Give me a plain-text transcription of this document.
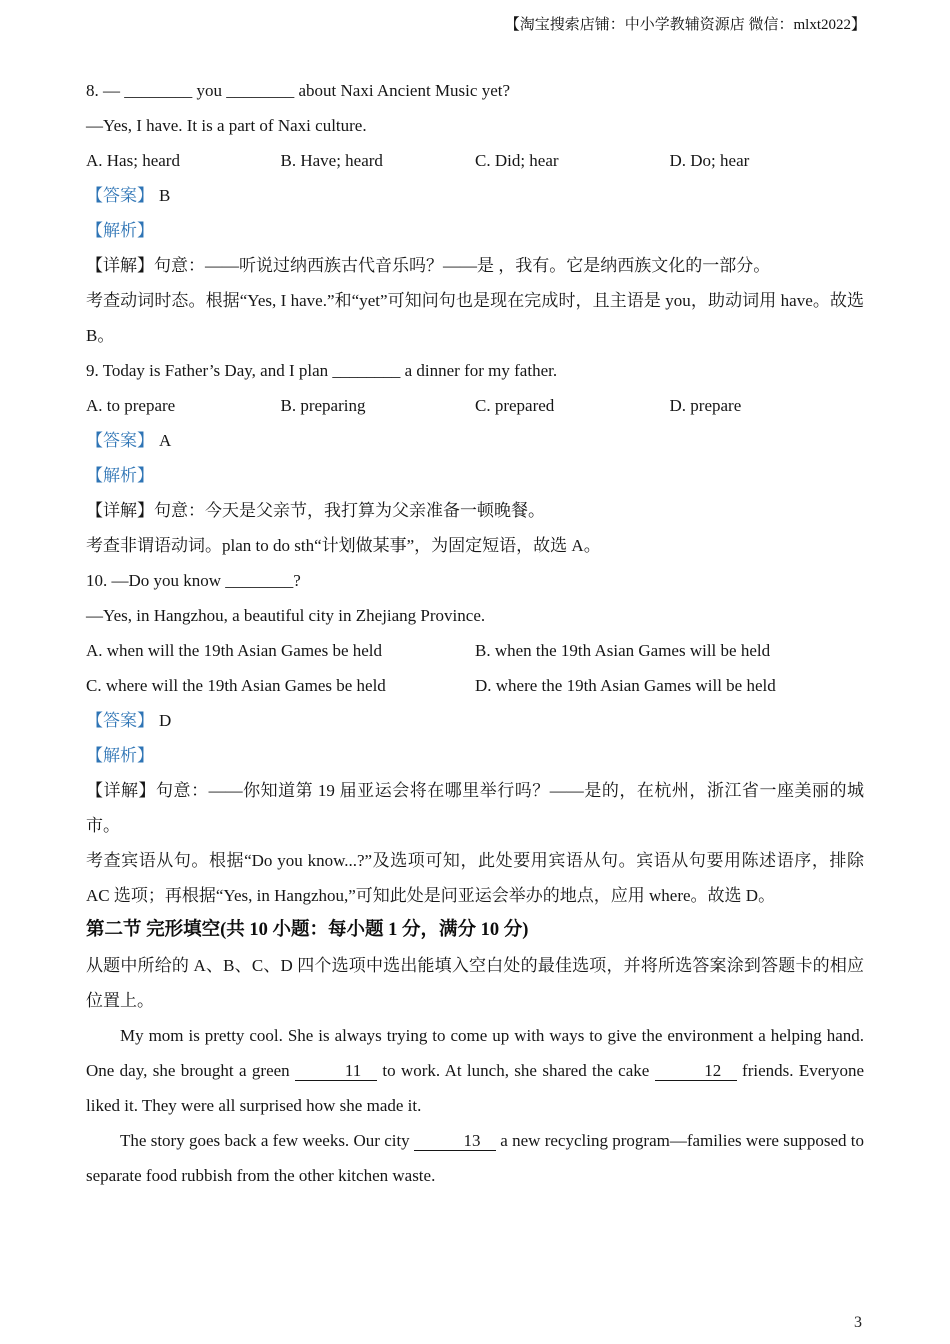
【淘宝搜索店铺：中小学教辅资源店 微信：mlxt2022】

8. — ________ you ________ about Naxi Ancient Music yet?

—Yes, I have. It is a part of Naxi culture.

A. Has; heard	B. Have; heard	C. Did; hear	D. Do; hear

【答案】 B

【解析】

【详解】句意：——听说过纳西族古代音乐吗？——是 ，我有。它是纳西族文化的一部分。

考查动词时态。根据“Yes, I have.”和“yet”可知问句也是现在完成时，且主语是 you，助动词用 have。故选 B。

9. Today is Father’s Day, and I plan ________ a dinner for my father.

A. to prepare	B. preparing	C. prepared	D. prepare

【答案】 A

【解析】

【详解】句意：今天是父亲节，我打算为父亲准备一顿晚餐。

考查非谓语动词。plan to do sth“计划做某事”，为固定短语，故选 A。

10. —Do you know ________?

—Yes, in Hangzhou, a beautiful city in Zhejiang Province.

A. when will the 19th Asian Games be held	B. when the 19th Asian Games will be held
C. where will the 19th Asian Games be held	D. where the 19th Asian Games will be held

【答案】 D

【解析】

【详解】句意：——你知道第 19 届亚运会将在哪里举行吗？——是的，在杭州，浙江省一座美丽的城市。

考查宾语从句。根据“Do you know...?”及选项可知，此处要用宾语从句。宾语从句要用陈述语序，排除 AC 选项；再根据“Yes, in Hangzhou,”可知此处是问亚运会举办的地点，应用 where。故选 D。

第二节 完形填空(共 10 小题：每小题 1 分，满分 10 分)

从题中所给的 A、B、C、D 四个选项中选出能填入空白处的最佳选项，并将所选答案涂到答题卡的相应位置上。

My mom is pretty cool. She is always trying to come up with ways to give the environment a helping hand. One day, she brought a green	11 to work. At lunch, she shared the cake	12 friends. Everyone liked it. They were all surprised how she made it.

The story goes back a few weeks. Our city	13 a new recycling program—families were supposed to separate food rubbish from the other kitchen waste.

3
